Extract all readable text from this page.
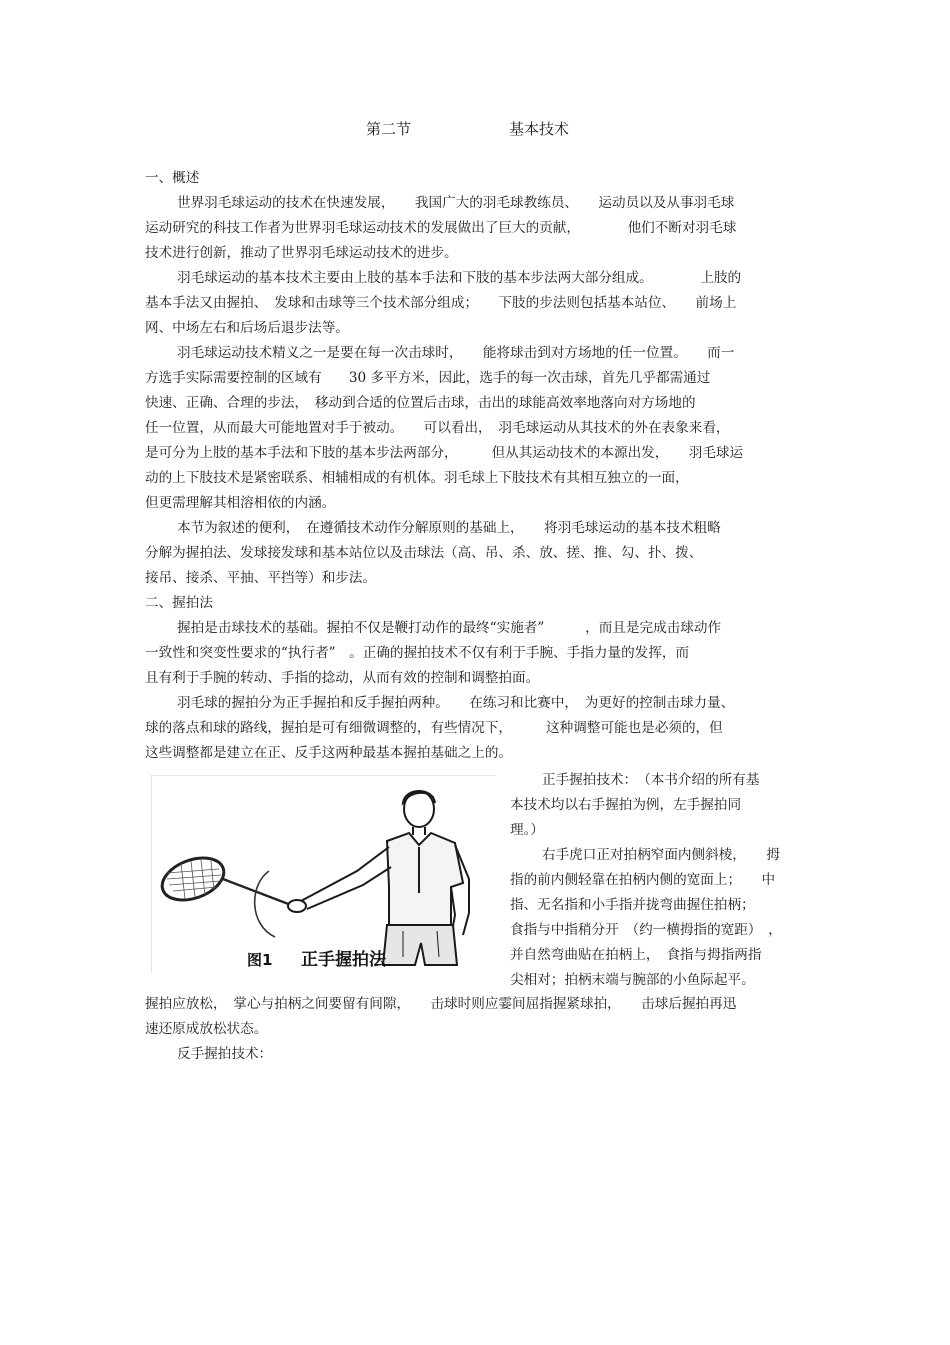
第二节	基本技术
一、概述
世界羽毛球运动的技术在快速发展，　　我国广大的羽毛球教练员、　　运动员以及从事羽毛球
运动研究的科技工作者为世界羽毛球运动技术的发展做出了巨大的贡献，　　　　他们不断对羽毛球
技术进行创新，推动了世界羽毛球运动技术的进步。
羽毛球运动的基本技术主要由上肢的基本手法和下肢的基本步法两大部分组成。　　　　上肢的
基本手法又由握拍、　发球和击球等三个技术部分组成；　　下肢的步法则包括基本站位、　　前场上
网、中场左右和后场后退步法等。
羽毛球运动技术精义之一是要在每一次击球时，　　能将球击到对方场地的任一位置。　　而一
方选手实际需要控制的区域有　　30 多平方米，因此，选手的每一次击球，首先几乎都需通过
快速、正确、合理的步法，　移动到合适的位置后击球，击出的球能高效率地落向对方场地的
任一位置，从而最大可能地置对手于被动。　　可以看出，　羽毛球运动从其技术的外在表象来看，
是可分为上肢的基本手法和下肢的基本步法两部分，　　　但从其运动技术的本源出发，　　羽毛球运
动的上下肢技术是紧密联系、相辅相成的有机体。羽毛球上下肢技术有其相互独立的一面，
但更需理解其相溶相依的内涵。
本节为叙述的便利，　在遵循技术动作分解原则的基础上，　　将羽毛球运动的基本技术粗略
分解为握拍法、发球接发球和基本站位以及击球法（高、吊、杀、放、搓、推、勾、扑、拨、
接吊、接杀、平抽、平挡等）和步法。
二、握拍法
握拍是击球技术的基础。握拍不仅是鞭打动作的最终“实施者”　　　，而且是完成击球动作
一致性和突变性要求的“执行者”　。正确的握拍技术不仅有利于手腕、手指力量的发挥，而
且有利于手腕的转动、手指的捻动，从而有效的控制和调整拍面。
羽毛球的握拍分为正手握拍和反手握拍两种。　　在练习和比赛中，　为更好的控制击球力量、
球的落点和球的路线，握拍是可有细微调整的，有些情况下，　　　这种调整可能也是必须的，但
这些调整都是建立在正、反手这两种最基本握拍基础之上的。
图1 正手握拍法
正手握拍技术：　（本书介绍的所有基
本技术均以右手握拍为例，左手握拍同
理。）
右手虎口正对拍柄窄面内侧斜棱，　　拇
指的前内侧轻靠在拍柄内侧的宽面上；　　中
指、无名指和小手指并拢弯曲握住拍柄；
食指与中指稍分开　（约一横拇指的宽距）　，
并自然弯曲贴在拍柄上，　食指与拇指两指
尖相对；拍柄末端与腕部的小鱼际起平。
握拍应放松，　掌心与拍柄之间要留有间隙，　　击球时则应霎间屈指握紧球拍，　　击球后握拍再迅
速还原成放松状态。
反手握拍技术：
